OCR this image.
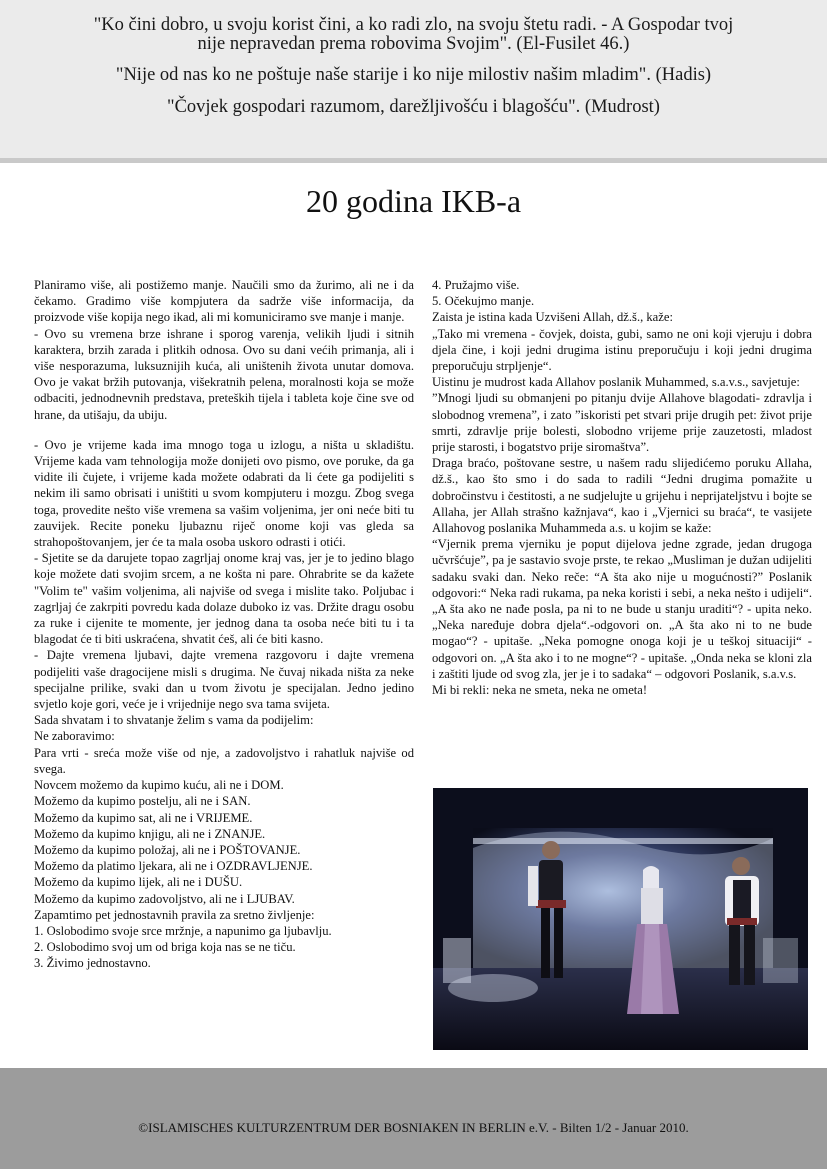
"Ko čini dobro, u svoju korist čini, a ko radi zlo, na svoju štetu radi. - A Gospodar tvoj
nije nepravedan prema robovima Svojim". (El-Fusilet 46.)
"Nije od nas ko ne poštuje naše starije i ko nije milostiv našim mladim". (Hadis)
"Čovjek gospodari razumom, darežljivošću i blagošću". (Mudrost)
20 godina IKB-a

Planiramo više, ali postižemo manje. Naučili smo da žurimo, ali ne i da čekamo. Gradimo više kompjutera da sadrže više informacija, da proizvode više kopija nego ikad, ali mi komuniciramo sve manje i manje.

- Ovo su vremena brze ishrane i sporog varenja, velikih ljudi i sitnih karaktera, brzih zarada i plitkih odnosa. Ovo su dani većih primanja, ali i više nesporazuma, luksuznijih kuća, ali uništenih života unutar domova. Ovo je vakat bržih putovanja, višekratnih pelena, moralnosti koja se može odbaciti, jednodnevnih predstava, preteških tijela i tableta koje čine sve od hrane, da utišaju, da ubiju.

- Ovo je vrijeme kada ima mnogo toga u izlogu, a ništa u skladištu. Vrijeme kada vam tehnologija može donijeti ovo pismo, ove poruke, da ga vidite ili čujete, i vrijeme kada možete odabrati da li ćete ga podijeliti s nekim ili samo obrisati i uništiti u svom kompjuteru i mozgu. Zbog svega toga, provedite nešto više vremena sa vašim voljenima, jer oni neće biti tu zauvijek. Recite poneku ljubaznu riječ onome koji vas gleda sa strahopoštovanjem, jer će ta mala osoba uskoro odrasti i otići.

- Sjetite se da darujete topao zagrljaj onome kraj vas, jer je to jedino blago koje možete dati svojim srcem, a ne košta ni pare. Ohrabrite se da kažete "Volim te" vašim voljenima, ali najviše od svega i mislite tako. Poljubac i zagrljaj će zakrpiti povredu kada dolaze duboko iz vas. Držite dragu osobu za ruke i cijenite te momente, jer jednog dana ta osoba neće biti tu i ta blagodat će ti biti uskraćena, shvatit ćeš, ali će biti kasno.

- Dajte vremena ljubavi, dajte vremena razgovoru i dajte vremena podijeliti vaše dragocijene misli s drugima. Ne čuvaj nikada ništa za neke specijalne prilike, svaki dan u tvom životu je specijalan. Jedno jedino svjetlo koje gori, veće je i vrijednije nego sva tama svijeta.

Sada shvatam i to shvatanje želim s vama da podijelim:

Ne zaboravimo:

Para vrti - sreća može više od nje, a zadovoljstvo i rahatluk najviše od svega.

Novcem možemo da kupimo kuću, ali ne i DOM.

Možemo da kupimo postelju, ali ne i SAN.

Možemo da kupimo sat, ali ne i VRIJEME.

Možemo da kupimo knjigu, ali ne i ZNANJE.

Možemo da kupimo položaj, ali ne i POŠTOVANJE.

Možemo da platimo ljekara, ali ne i OZDRAVLJENJE.

Možemo da kupimo lijek, ali ne i DUŠU.

Možemo da kupimo zadovoljstvo, ali ne i LJUBAV.

Zapamtimo pet jednostavnih pravila za sretno življenje:

1. Oslobodimo svoje srce mržnje, a napunimo ga ljubavlju.

2. Oslobodimo svoj um od briga koja nas se ne tiču.

3. Živimo jednostavno.

4. Pružajmo više.

5. Očekujmo manje.

Zaista je istina kada Uzvišeni Allah, dž.š., kaže:

„Tako mi vremena - čovjek, doista, gubi, samo ne oni koji vjeruju i dobra djela čine, i koji jedni drugima istinu preporučuju i koji jedni drugima preporučuju strpljenje“.

Uistinu je mudrost kada Allahov poslanik Muhammed, s.a.v.s., savjetuje:

”Mnogi ljudi su obmanjeni po pitanju dvije Allahove blagodati- zdravlja i slobodnog vremena”, i zato ”iskoristi pet stvari prije drugih pet: život prije smrti, zdravlje prije bolesti, slobodno vrijeme prije zauzetosti, mladost prije starosti, i bogatstvo prije siromaštva”.

Draga braćo, poštovane sestre, u našem radu slijedićemo poruku Allaha, dž.š., kao što smo i do sada to radili “Jedni drugima pomažite u dobročinstvu i čestitosti, a ne sudjelujte u grijehu i neprijateljstvu i bojte se Allaha, jer Allah strašno kažnjava“, kao i „Vjernici su braća“, te vasijete Allahovog poslanika Muhammeda a.s. u kojim se kaže:

“Vjernik prema vjerniku je poput dijelova jedne zgrade, jedan drugoga učvršćuje”, pa je sastavio svoje prste, te rekao „Musliman je dužan udijeliti sadaku svaki dan. Neko reče: “A šta ako nije u mogućnosti?” Poslanik odgovori:“ Neka radi rukama, pa neka koristi i sebi, a neka nešto i udijeli“. „A šta ako ne nađe posla, pa ni to ne bude u stanju uraditi“? - upita neko. „Neka naređuje dobra djela“.-odgovori on. „A šta ako ni to ne bude mogao“? - upitaše. „Neka pomogne onoga koji je u teškoj situaciji“ - odgovori on. „A šta ako i to ne mogne“? - upitaše. „Onda neka se kloni zla i zaštiti ljude od svog zla, jer je i to sadaka“ – odgovori Poslanik, s.a.v.s.

Mi bi rekli: neka ne smeta, neka ne ometa!

©ISLAMISCHES KULTURZENTRUM DER BOSNIAKEN IN BERLIN e.V. - Bilten 1/2 - Januar 2010.
